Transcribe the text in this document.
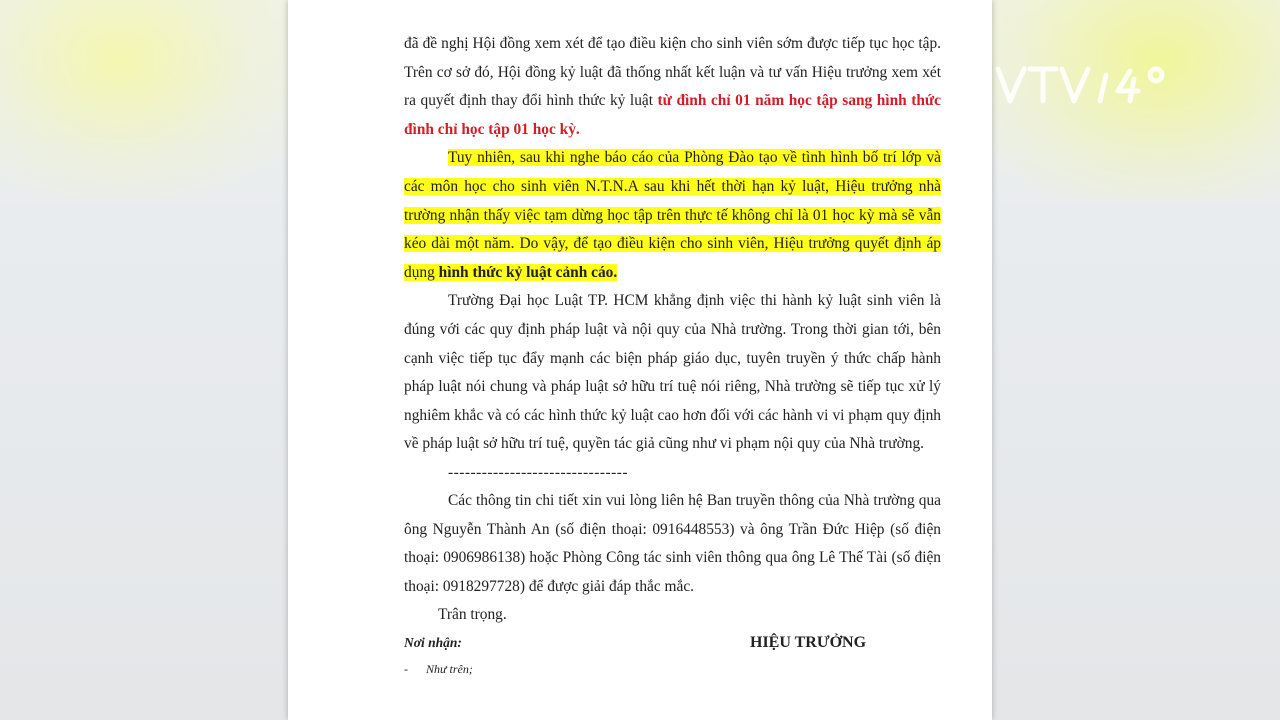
đã đề nghị Hội đồng xem xét để tạo điều kiện cho sinh viên sớm được tiếp tục học tập. Trên cơ sở đó, Hội đồng kỷ luật đã thống nhất kết luận và tư vấn Hiệu trưởng xem xét ra quyết định thay đổi hình thức kỷ luật từ đình chỉ 01 năm học tập sang hình thức đình chỉ học tập 01 học kỳ.

Tuy nhiên, sau khi nghe báo cáo của Phòng Đào tạo về tình hình bố trí lớp và các môn học cho sinh viên N.T.N.A sau khi hết thời hạn kỷ luật, Hiệu trưởng nhà trường nhận thấy việc tạm dừng học tập trên thực tế không chỉ là 01 học kỳ mà sẽ vẫn kéo dài một năm. Do vậy, để tạo điều kiện cho sinh viên, Hiệu trưởng quyết định áp dụng hình thức kỷ luật cảnh cáo.

Trường Đại học Luật TP. HCM khẳng định việc thi hành kỷ luật sinh viên là đúng với các quy định pháp luật và nội quy của Nhà trường. Trong thời gian tới, bên cạnh việc tiếp tục đẩy mạnh các biện pháp giáo dục, tuyên truyền ý thức chấp hành pháp luật nói chung và pháp luật sở hữu trí tuệ nói riêng, Nhà trường sẽ tiếp tục xử lý nghiêm khắc và có các hình thức kỷ luật cao hơn đối với các hành vi vi phạm quy định về pháp luật sở hữu trí tuệ, quyền tác giả cũng như vi phạm nội quy của Nhà trường.

--------------------------------

Các thông tin chi tiết xin vui lòng liên hệ Ban truyền thông của Nhà trường qua ông Nguyễn Thành An (số điện thoại: 0916448553) và ông Trần Đức Hiệp (số điện thoại: 0906986138) hoặc Phòng Công tác sinh viên thông qua ông Lê Thế Tài (số điện thoại: 0918297728) để được giải đáp thắc mắc.

Trân trọng.

Nơi nhận:	HIỆU TRƯỞNG

- Như trên;
